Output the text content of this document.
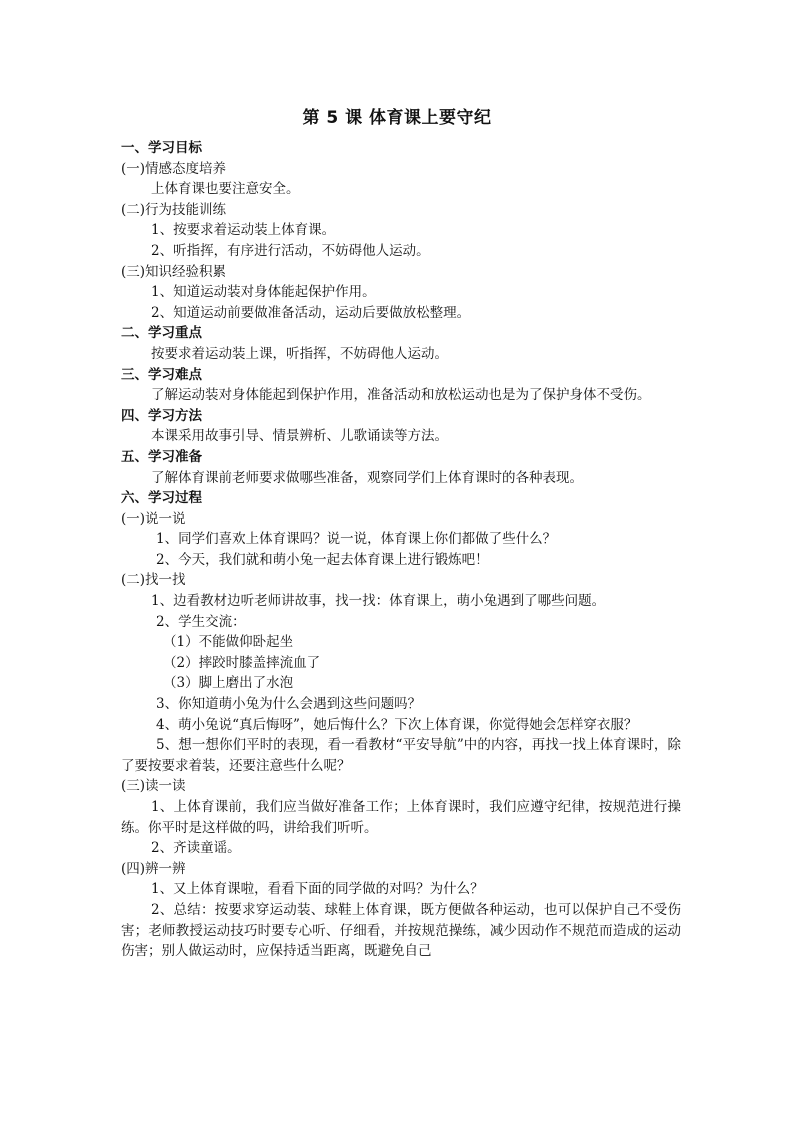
第 5 课 体育课上要守纪
一、学习目标
(一)情感态度培养
上体育课也要注意安全。
(二)行为技能训练
1、按要求着运动装上体育课。
2、听指挥，有序进行活动，不妨碍他人运动。
(三)知识经验积累
1、知道运动装对身体能起保护作用。
2、知道运动前要做准备活动，运动后要做放松整理。
二、学习重点
按要求着运动装上课，听指挥，不妨碍他人运动。
三、学习难点
了解运动装对身体能起到保护作用，准备活动和放松运动也是为了保护身体不受伤。
四、学习方法
本课采用故事引导、情景辨析、儿歌诵读等方法。
五、学习准备
了解体育课前老师要求做哪些准备，观察同学们上体育课时的各种表现。
六、学习过程
(一)说一说
1、同学们喜欢上体育课吗？说一说，体育课上你们都做了些什么？
2、今天，我们就和萌小兔一起去体育课上进行锻炼吧！
(二)找一找
1、边看教材边听老师讲故事，找一找：体育课上，萌小兔遇到了哪些问题。
2、学生交流：
（1）不能做仰卧起坐
（2）摔跤时膝盖摔流血了
（3）脚上磨出了水泡
3、你知道萌小兔为什么会遇到这些问题吗？
4、萌小兔说“真后悔呀”，她后悔什么？下次上体育课，你觉得她会怎样穿衣服？
5、想一想你们平时的表现，看一看教材“平安导航”中的内容，再找一找上体育课时，除了要按要求着装，还要注意些什么呢？
(三)读一读
1、上体育课前，我们应当做好准备工作；上体育课时，我们应遵守纪律，按规范进行操练。你平时是这样做的吗，讲给我们听听。
2、齐读童谣。
(四)辨一辨
1、又上体育课啦，看看下面的同学做的对吗？为什么？
2、总结：按要求穿运动装、球鞋上体育课，既方便做各种运动，也可以保护自己不受伤害；老师教授运动技巧时要专心听、仔细看，并按规范操练，减少因动作不规范而造成的运动伤害；别人做运动时，应保持适当距离，既避免自己
